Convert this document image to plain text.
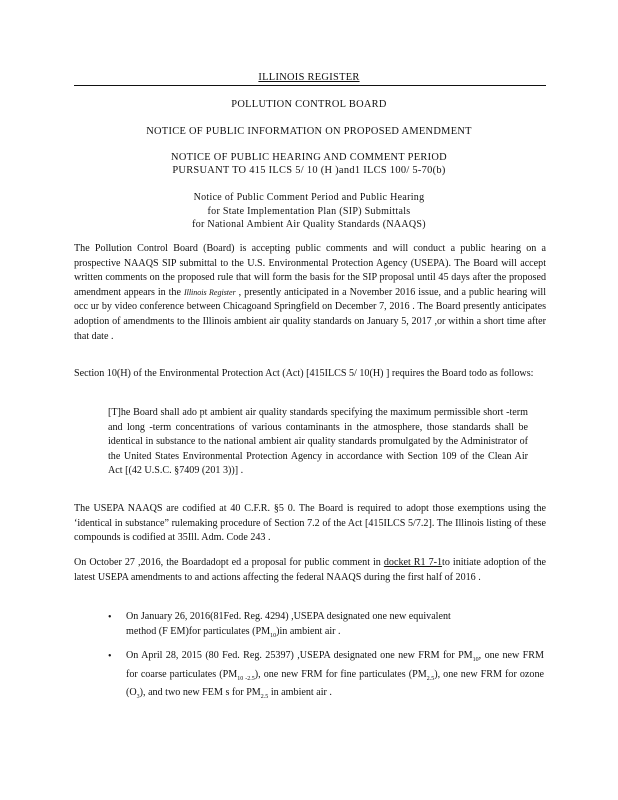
ILLINOIS REGISTER
POLLUTION CONTROL BOARD
NOTICE OF PUBLIC INFORMATION ON PROPOSED AMENDMENT
NOTICE OF PUBLIC HEARING AND COMMENT PERIOD
PURSUANT TO 415 ILCS 5/ 10 (H )and1 ILCS 100/ 5-70(b)
Notice of Public Comment Period and Public Hearing
for State Implementation Plan (SIP) Submittals
for National Ambient Air Quality Standards (NAAQS)
The Pollution Control Board (Board) is accepting public comments and will conduct a public hearing on a prospective NAAQS SIP submittal to the U.S. Environmental Protection Agency (USEPA). The Board will accept written comments on the proposed rule that will form the basis for the SIP proposal until 45 days after the proposed amendment appears in the Illinois Register , presently anticipated in a November 2016 issue, and a public hearing will occ ur by video conference between Chicagoand Springfield on December 7, 2016 . The Board presently anticipates adoption of amendments to the Illinois ambient air quality standards on January 5, 2017 ,or within a short time after that date .
Section 10(H) of the Environmental Protection Act (Act) [415ILCS 5/ 10(H) ] requires the Board todo as follows:
[T]he Board shall ado pt ambient air quality standards specifying the maximum permissible short -term and long -term concentrations of various contaminants in the atmosphere, those standards shall be identical in substance to the national ambient air quality standards promulgated by the Administrator of the United States Environmental Protection Agency in accordance with Section 109 of the Clean Air Act [(42 U.S.C. §7409 (201 3))] .
The USEPA NAAQS are codified at 40 C.F.R. §5 0. The Board is required to adopt those exemptions using the ‘identical in substance” rulemaking procedure of Section 7.2 of the Act [415ILCS 5/7.2]. The Illinois listing of these compounds is codified at 35Ill. Adm. Code 243 .
On October 27 ,2016, the Boardadopt ed a proposal for public comment in docket R1 7-1to initiate adoption of the latest USEPA amendments to and actions affecting the federal NAAQS during the first half of 2016 .
• On January 26, 2016(81Fed. Reg. 4294) ,USEPA designated one new equivalent
method (F EM)for particulates $(PM_{10})in$ ambient air .
• On April 28, 2015 (80 Fed. Reg. 25397) ,USEPA designated one new FRM for $PM_{10}$, one new FRM for coarse particulates $(PM_{10 -2.5})$, one new FRM for fine particulates $(PM_{2.5})$, one new FRM for ozone $(O_3)$, and two new FEM s for $PM_{2.5}$ in ambient air .
